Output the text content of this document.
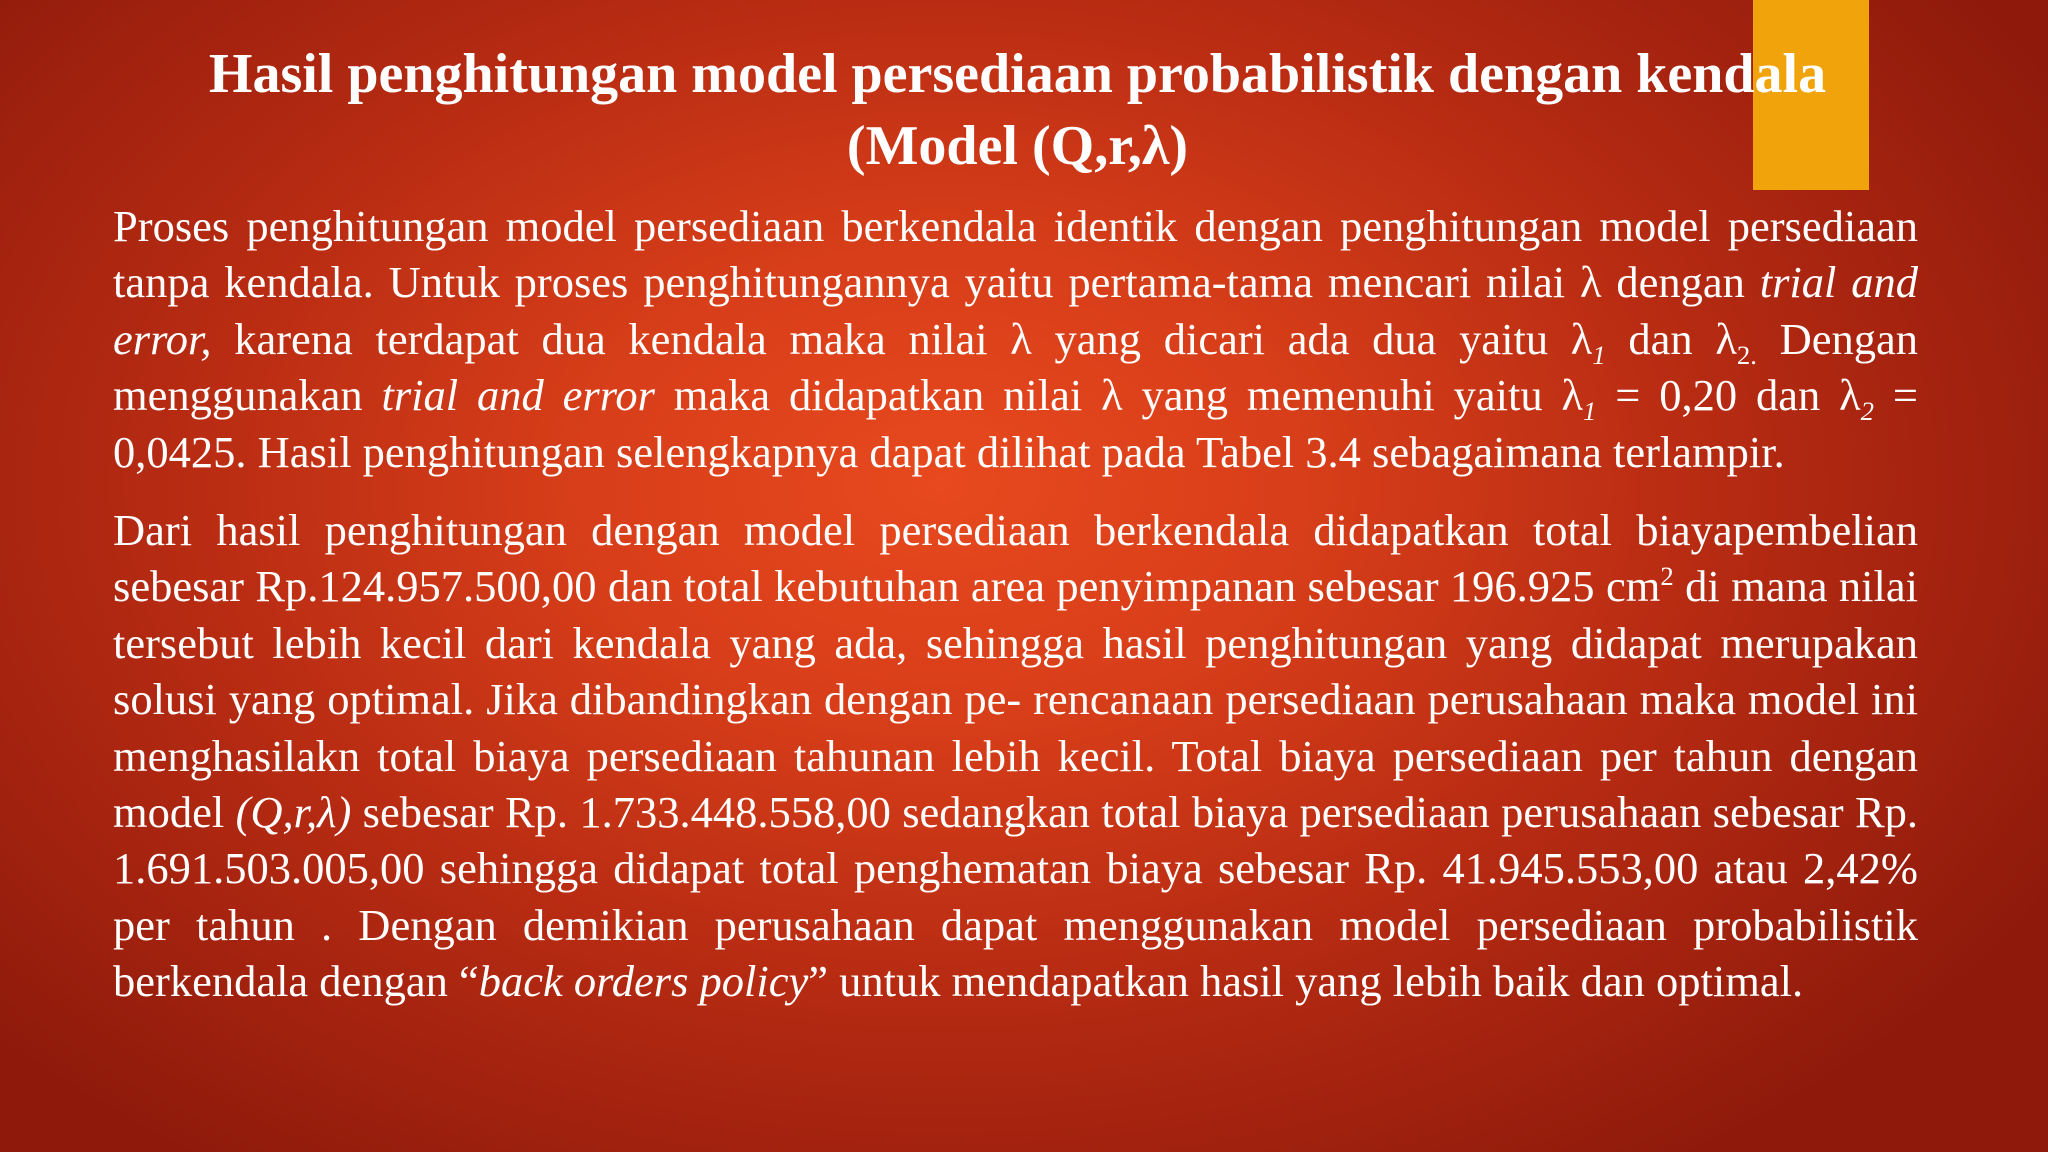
Hasil penghitungan model persediaan probabilistik dengan kendala
(Model (Q,r,λ)

Proses penghitungan model persediaan berkendala identik dengan penghitungan model persediaan tanpa kendala. Untuk proses penghitungannya yaitu pertama-tama mencari nilai λ dengan trial and error, karena terdapat dua kendala maka nilai λ yang dicari ada dua yaitu $\lambda_1$ dan $\lambda_{2.}$ Dengan menggunakan trial and error maka didapatkan nilai λ yang memenuhi yaitu $\lambda_1 = 0,20$ dan $\lambda_2 = 0,0425$. Hasil penghitungan selengkapnya dapat dilihat pada Tabel 3.4 sebagaimana terlampir.

Dari hasil penghitungan dengan model persediaan berkendala didapatkan total biayapembelian sebesar Rp.124.957.500,00 dan total kebutuhan area penyimpanan sebesar 196.925 $cm^2$ di mana nilai tersebut lebih kecil dari kendala yang ada, sehingga hasil penghitungan yang didapat merupakan solusi yang optimal. Jika dibandingkan dengan pe- rencanaan persediaan perusahaan maka model ini menghasilakn total biaya persediaan tahunan lebih kecil. Total biaya persediaan per tahun dengan model (Q,r,λ) sebesar Rp. 1.733.448.558,00 sedangkan total biaya persediaan perusahaan sebesar Rp. 1.691.503.005,00 sehingga didapat total penghematan biaya sebesar Rp. 41.945.553,00 atau 2,42% per tahun . Dengan demikian perusahaan dapat menggunakan model persediaan probabilistik berkendala dengan “back orders policy” untuk mendapatkan hasil yang lebih baik dan optimal.
